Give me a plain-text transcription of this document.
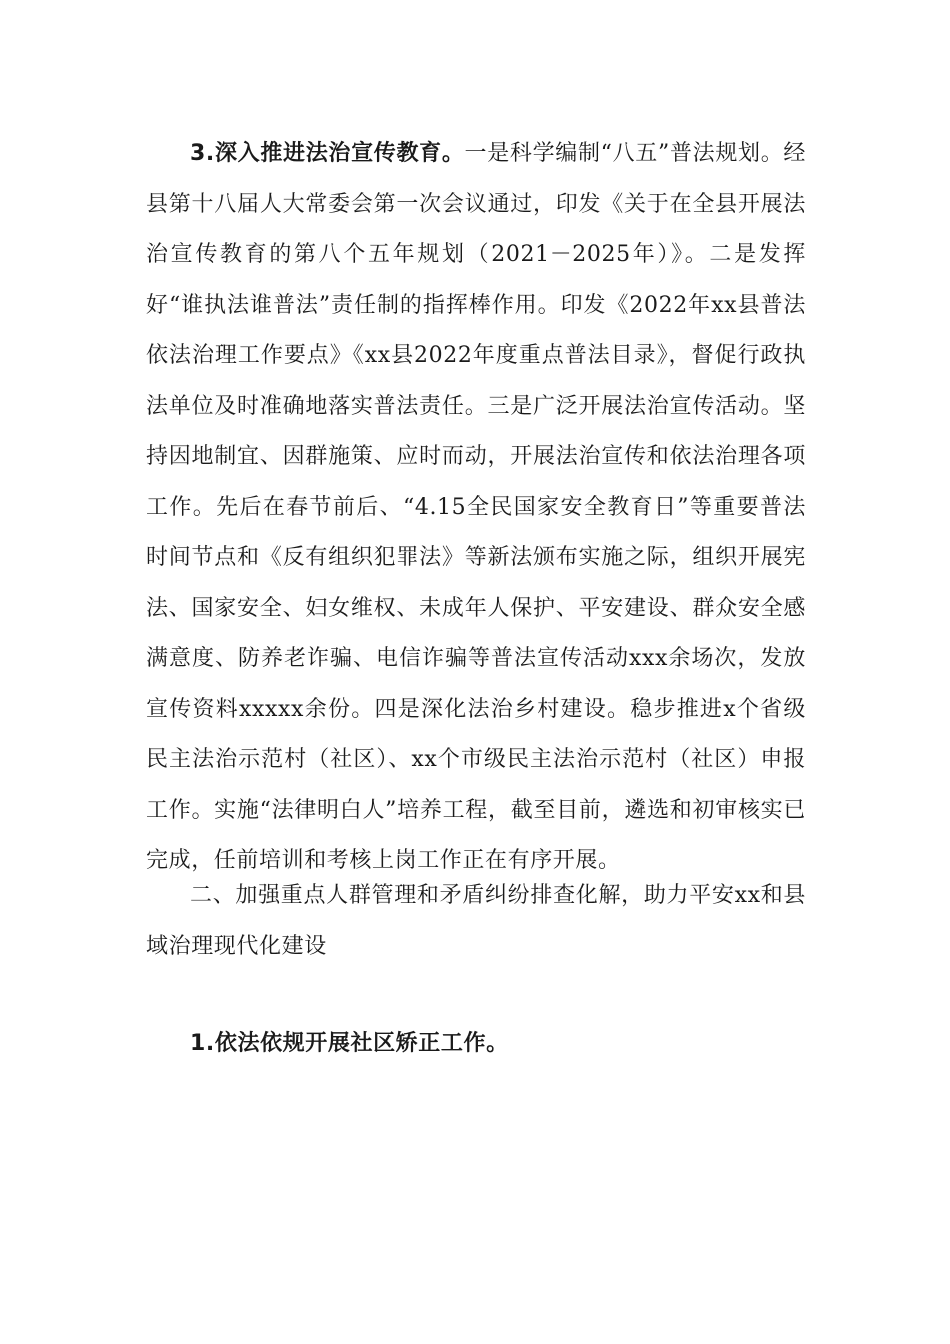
3.深入推进法治宣传教育。一是科学编制“八五”普法规划。经县第十八届人大常委会第一次会议通过，印发《关于在全县开展法治宣传教育的第八个五年规划（2021－2025年）》。二是发挥好“谁执法谁普法”责任制的指挥棒作用。印发《2022年xx县普法依法治理工作要点》《xx县2022年度重点普法目录》，督促行政执法单位及时准确地落实普法责任。三是广泛开展法治宣传活动。坚持因地制宜、因群施策、应时而动，开展法治宣传和依法治理各项工作。先后在春节前后、“4.15全民国家安全教育日”等重要普法时间节点和《反有组织犯罪法》等新法颁布实施之际，组织开展宪法、国家安全、妇女维权、未成年人保护、平安建设、群众安全感满意度、防养老诈骗、电信诈骗等普法宣传活动xxx余场次，发放宣传资料xxxxx余份。四是深化法治乡村建设。稳步推进x个省级民主法治示范村（社区）、xx个市级民主法治示范村（社区）申报工作。实施“法律明白人”培养工程，截至目前，遴选和初审核实已完成，任前培训和考核上岗工作正在有序开展。

二、加强重点人群管理和矛盾纠纷排查化解，助力平安xx和县域治理现代化建设

1.依法依规开展社区矫正工作。
